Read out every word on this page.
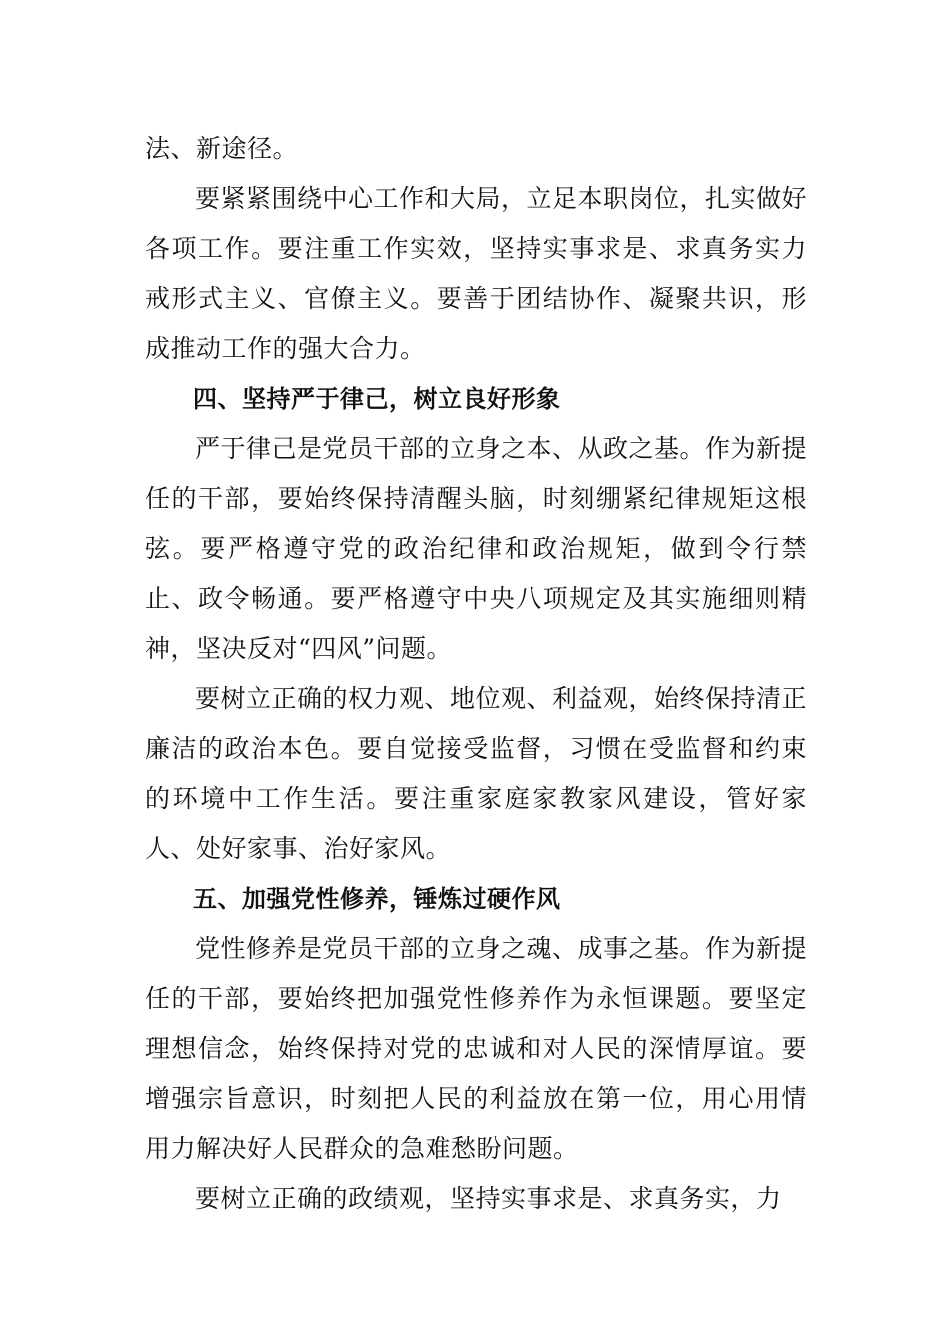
法、新途径。

要紧紧围绕中心工作和大局，立足本职岗位，扎实做好各项工作。要注重工作实效，坚持实事求是、求真务实力戒形式主义、官僚主义。要善于团结协作、凝聚共识，形成推动工作的强大合力。

四、坚持严于律己，树立良好形象

严于律己是党员干部的立身之本、从政之基。作为新提任的干部，要始终保持清醒头脑，时刻绷紧纪律规矩这根弦。要严格遵守党的政治纪律和政治规矩，做到令行禁止、政令畅通。要严格遵守中央八项规定及其实施细则精神，坚决反对“四风”问题。

要树立正确的权力观、地位观、利益观，始终保持清正廉洁的政治本色。要自觉接受监督，习惯在受监督和约束的环境中工作生活。要注重家庭家教家风建设，管好家人、处好家事、治好家风。

五、加强党性修养，锤炼过硬作风

党性修养是党员干部的立身之魂、成事之基。作为新提任的干部，要始终把加强党性修养作为永恒课题。要坚定理想信念，始终保持对党的忠诚和对人民的深情厚谊。要增强宗旨意识，时刻把人民的利益放在第一位，用心用情用力解决好人民群众的急难愁盼问题。

要树立正确的政绩观，坚持实事求是、求真务实，力
